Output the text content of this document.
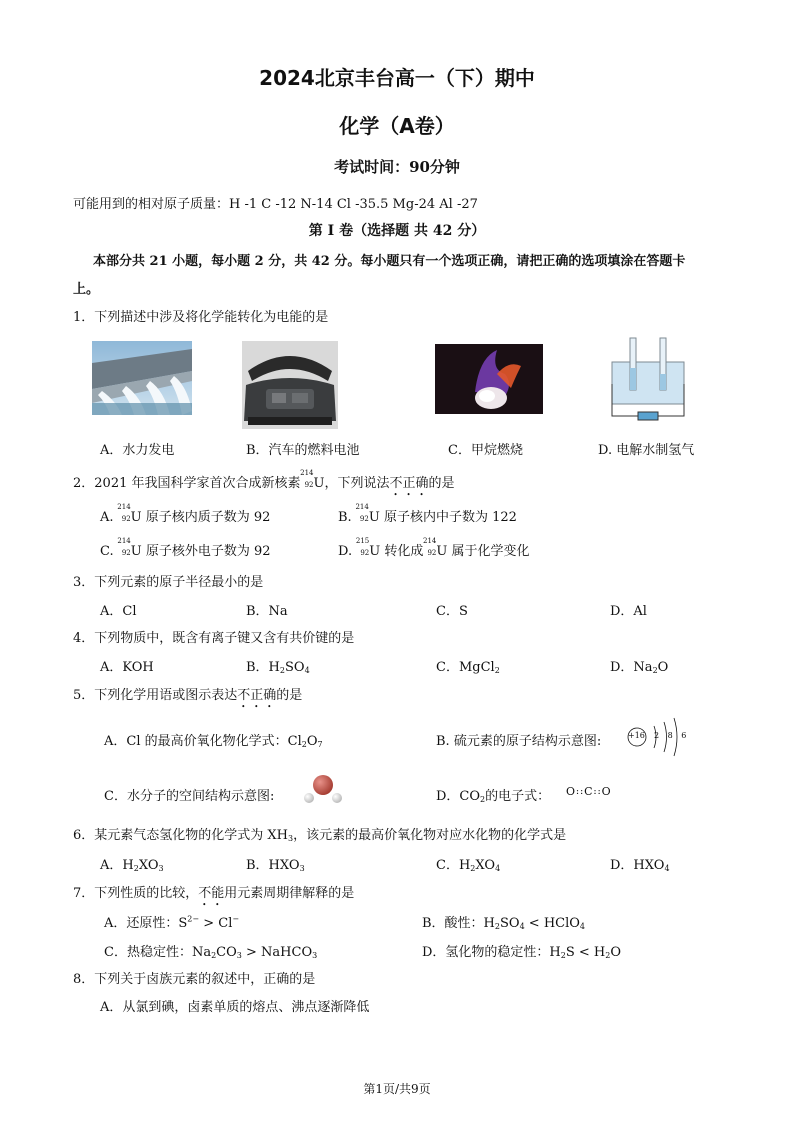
2024北京丰台高一（下）期中
化学（A卷）
考试时间：90分钟
可能用到的相对原子质量：H -1 C -12 N-14 Cl -35.5 Mg-24 Al -27
第 I 卷（选择题 共 42 分）
本部分共 21 小题，每小题 2 分，共 42 分。每小题只有一个选项正确，请把正确的选项填涂在答题卡
上。
1．下列描述中涉及将化学能转化为电能的是
A．水力发电	B．汽车的燃料电池	C．甲烷燃烧	D. 电解水制氢气
2．2021 年我国科学家首次合成新核素
214
92 U，下列说法不正确的是
A.
214
92 U 原子核内质子数为 92	B.
214
92 U 原子核内中子数为 122
C.
214
92 U 原子核外电子数为 92	D.
215
92 U 转化成
214
92 U 属于化学变化
3．下列元素的原子半径最小的是
A．Cl	B．Na	C．S	D．Al
4．下列物质中，既含有离子键又含有共价键的是
A．KOH	B．$H_2SO_4$	C．MgCl$_2$	D．$Na_2O$
5．下列化学用语或图示表达不正确的是
A．Cl 的最高价氧化物化学式：$Cl_2O_7$	B. 硫元素的原子结构示意图:	+16 2 8 6
C．水分子的空间结构示意图:	D．$CO_2$的电子式： O꞉꞉C꞉꞉O
6．某元素气态氢化物的化学式为 $XH_3$，该元素的最高价氧化物对应水化物的化学式是
A．$H_2XO_3$	B．$HXO_3$	C．$H_2XO_4$	D．$HXO_4$
7．下列性质的比较，不能用元素周期律解释的是
A．还原性：$S^{2-} > Cl^-$	B．酸性：$H_2SO_4$ < HClO$_4$
C．热稳定性：$Na_2CO_3$ > NaHCO$_3$	D．氢化物的稳定性：$H_2S < H_2O$
8．下列关于卤族元素的叙述中，正确的是
A．从氯到碘，卤素单质的熔点、沸点逐渐降低
第1页/共9页
